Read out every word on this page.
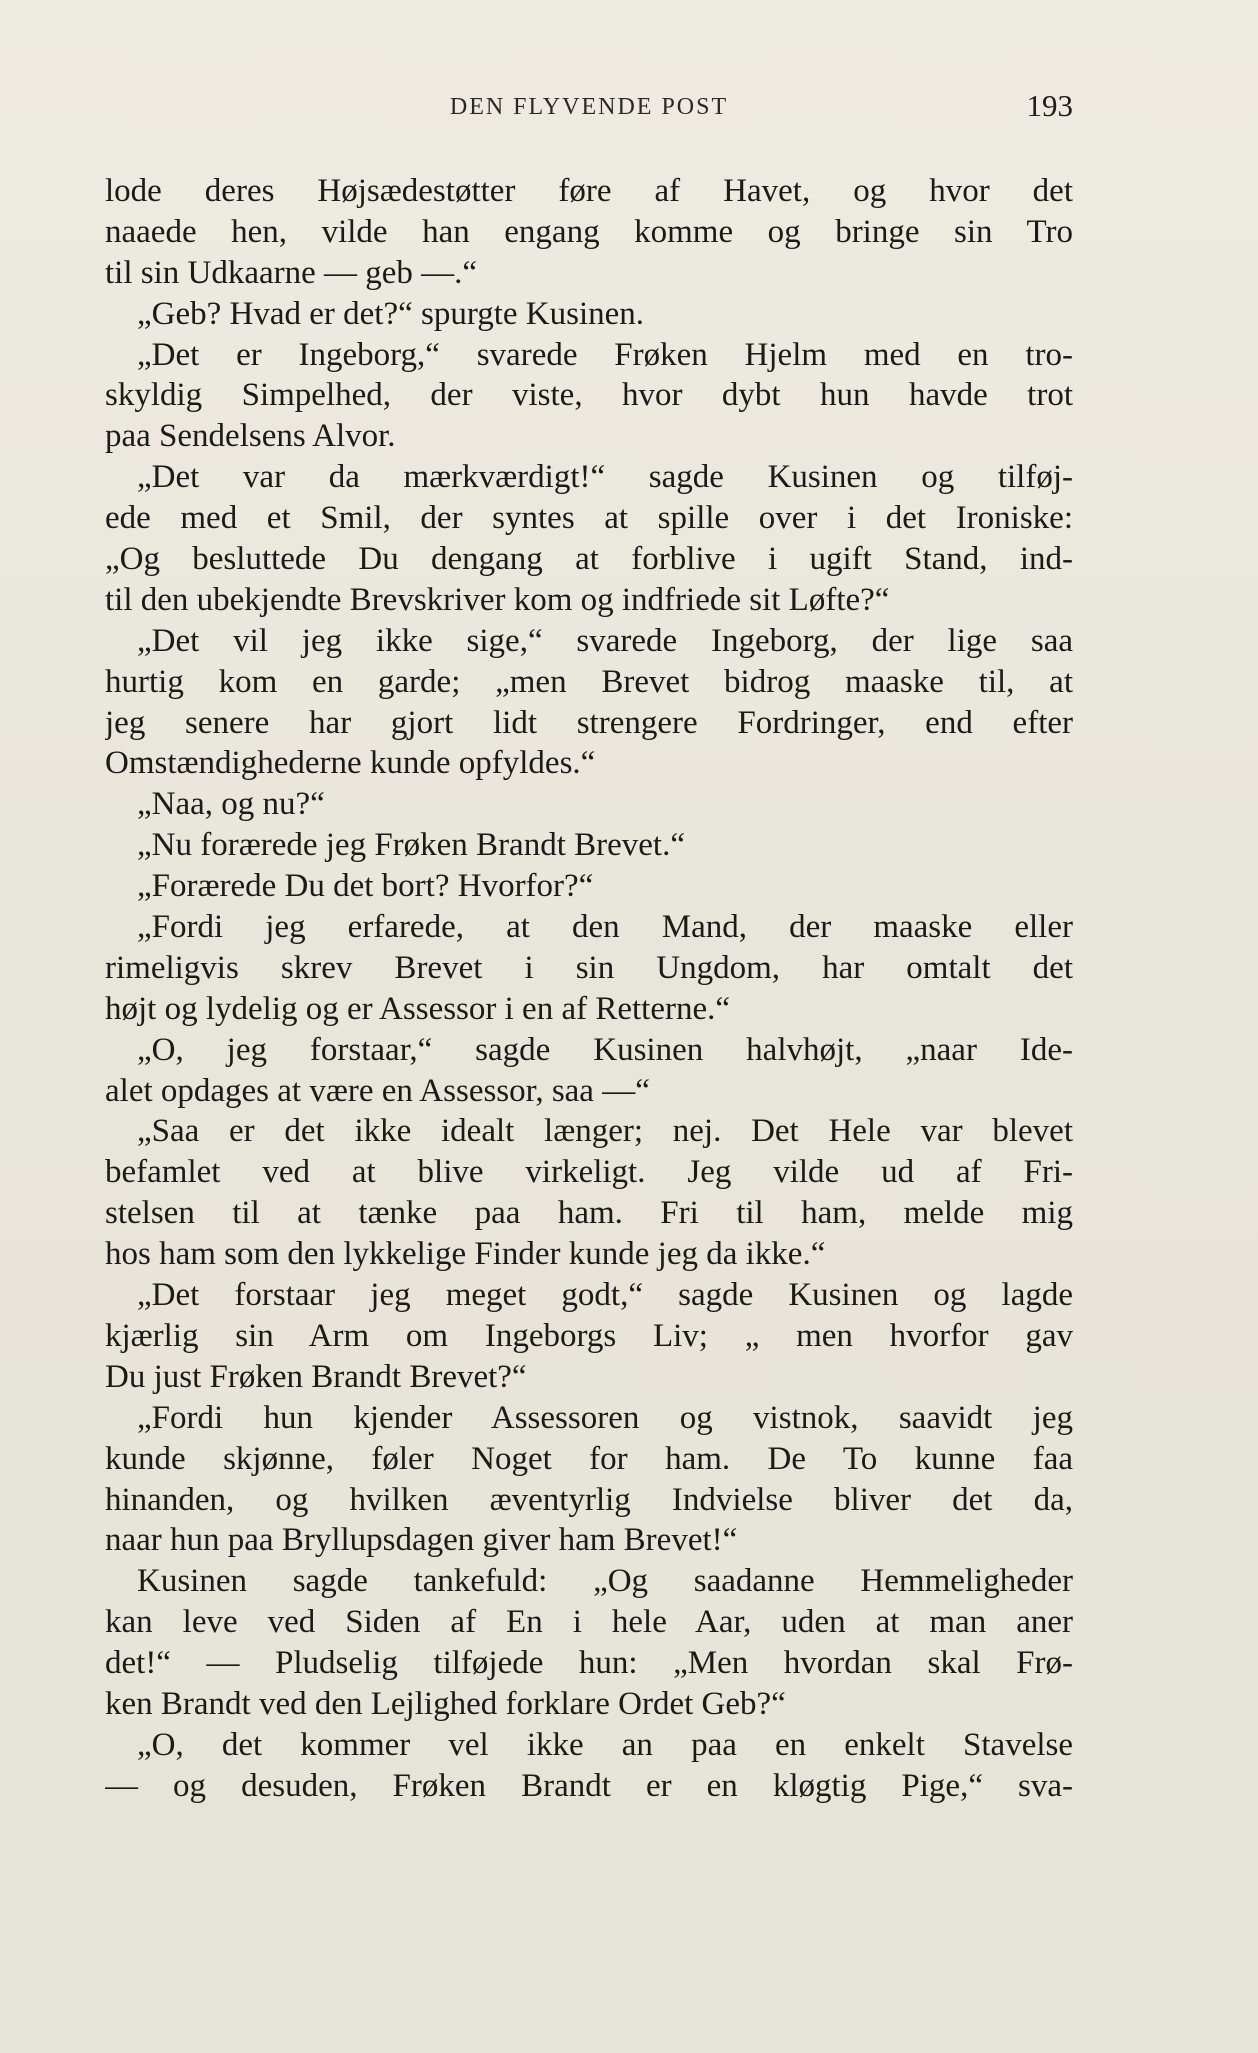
DEN FLYVENDE POST	193
lode deres Højsædestøtter føre af Havet, og hvor det
naaede hen, vilde han engang komme og bringe sin Tro
til sin Udkaarne — geb —.“
„Geb? Hvad er det?“ spurgte Kusinen.
„Det er Ingeborg,“ svarede Frøken Hjelm med en tro-
skyldig Simpelhed, der viste, hvor dybt hun havde trot
paa Sendelsens Alvor.
„Det var da mærkværdigt!“ sagde Kusinen og tilføj-
ede med et Smil, der syntes at spille over i det Ironiske:
„Og besluttede Du dengang at forblive i ugift Stand, ind-
til den ubekjendte Brevskriver kom og indfriede sit Løfte?“
„Det vil jeg ikke sige,“ svarede Ingeborg, der lige saa
hurtig kom en garde; „men Brevet bidrog maaske til, at
jeg senere har gjort lidt strengere Fordringer, end efter
Omstændighederne kunde opfyldes.“
„Naa, og nu?“
„Nu forærede jeg Frøken Brandt Brevet.“
„Forærede Du det bort? Hvorfor?“
„Fordi jeg erfarede, at den Mand, der maaske eller
rimeligvis skrev Brevet i sin Ungdom, har omtalt det
højt og lydelig og er Assessor i en af Retterne.“
„O, jeg forstaar,“ sagde Kusinen halvhøjt, „naar Ide-
alet opdages at være en Assessor, saa —“
„Saa er det ikke idealt længer; nej. Det Hele var blevet
befamlet ved at blive virkeligt. Jeg vilde ud af Fri-
stelsen til at tænke paa ham. Fri til ham, melde mig
hos ham som den lykkelige Finder kunde jeg da ikke.“
„Det forstaar jeg meget godt,“ sagde Kusinen og lagde
kjærlig sin Arm om Ingeborgs Liv; „ men hvorfor gav
Du just Frøken Brandt Brevet?“
„Fordi hun kjender Assessoren og vistnok, saavidt jeg
kunde skjønne, føler Noget for ham. De To kunne faa
hinanden, og hvilken æventyrlig Indvielse bliver det da,
naar hun paa Bryllupsdagen giver ham Brevet!“
Kusinen sagde tankefuld: „Og saadanne Hemmeligheder
kan leve ved Siden af En i hele Aar, uden at man aner
det!“ — Pludselig tilføjede hun: „Men hvordan skal Frø-
ken Brandt ved den Lejlighed forklare Ordet Geb?“
„O, det kommer vel ikke an paa en enkelt Stavelse
— og desuden, Frøken Brandt er en kløgtig Pige,“ sva-
